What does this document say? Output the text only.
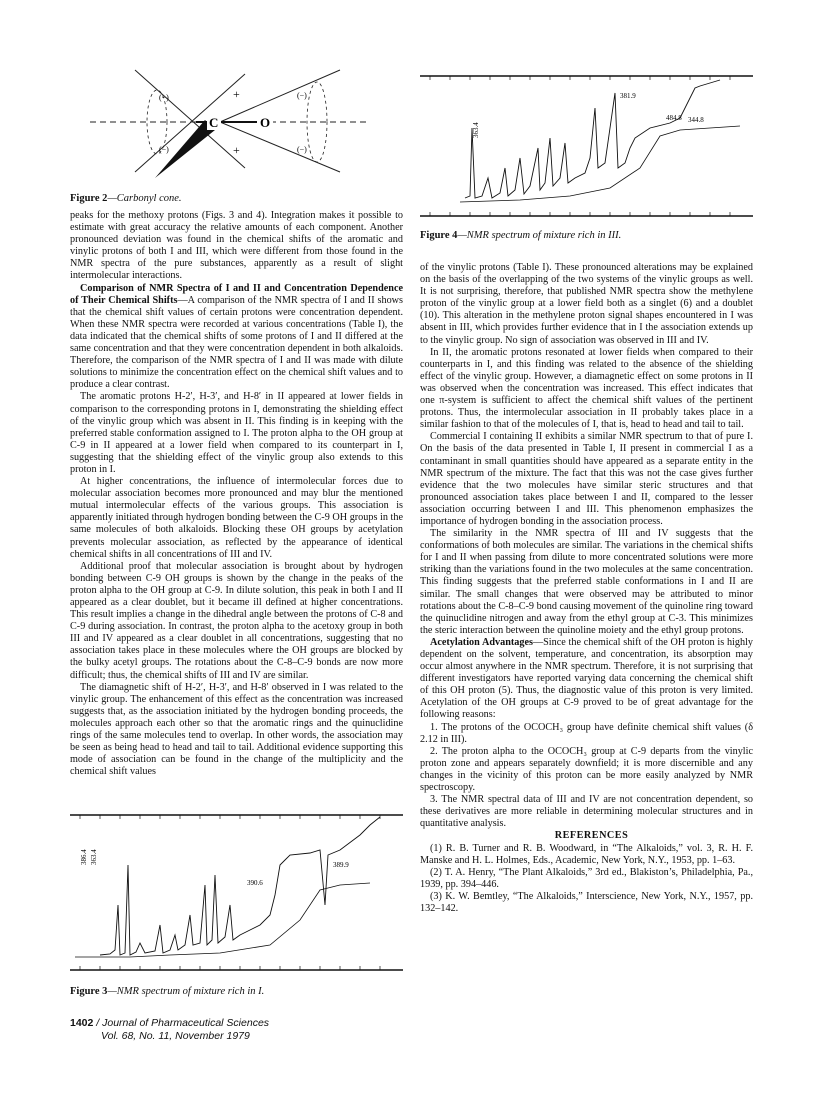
+
+
(−)
(−)
(−)
(−)
C	O
Figure 2—Carbonyl cone.

peaks for the methoxy protons (Figs. 3 and 4). Integration makes it possible to estimate with great accuracy the relative amounts of each component. Another pronounced deviation was found in the chemical shifts of the aromatic and vinylic protons of both I and III, which were different from those found in the NMR spectra of the pure substances, apparently as a result of slight intermolecular interactions.

Comparison of NMR Spectra of I and II and Concentration Dependence of Their Chemical Shifts—A comparison of the NMR spectra of I and II shows that the chemical shift values of certain protons were concentration dependent. When these NMR spectra were recorded at various concentrations (Table I), the data indicated that the chemical shifts of some protons of I and II differed at the same concentration and that they were concentration dependent in both alkaloids. Therefore, the comparison of the NMR spectra of I and II was made with dilute solutions to minimize the concentration effect on the chemical shift values and to produce a clear contrast.

The aromatic protons H-2′, H-3′, and H-8′ in II appeared at lower fields in comparison to the corresponding protons in I, demonstrating the shielding effect of the vinylic group which was absent in II. This finding is in keeping with the preferred stable conformation assigned to I. The proton alpha to the OH group at C-9 in II appeared at a lower field when compared to its counterpart in I, suggesting that the shielding effect of the vinylic group also extends to this proton in I.

At higher concentrations, the influence of intermolecular forces due to molecular association becomes more pronounced and may blur the mentioned mutual intermolecular effects of the various groups. This association is apparently initiated through hydrogen bonding between the C-9 OH groups in the same molecules of both alkaloids. Blocking these OH groups by acetylation prevents molecular association, as reflected by the appearance of identical chemical shifts in all concentrations of III and IV.

Additional proof that molecular association is brought about by hydrogen bonding between C-9 OH groups is shown by the change in the peaks of the proton alpha to the OH group at C-9. In dilute solution, this peak in both I and II appeared as a clear doublet, but it became ill defined at higher concentrations. This result implies a change in the dihedral angle between the protons of C-8 and C-9 during association. In contrast, the proton alpha to the acetoxy group in both III and IV appeared as a clear doublet in all concentrations, suggesting that no association takes place in these molecules where the OH groups are blocked by the bulky acetyl groups. The rotations about the C-8–C-9 bonds are now more difficult; thus, the chemical shifts of III and IV are similar.

The diamagnetic shift of H-2′, H-3′, and H-8′ observed in I was related to the vinylic group. The enhancement of this effect as the concentration was increased suggests that, as the association initiated by the hydrogen bonding proceeds, the molecules approach each other so that the aromatic rings and the quinuclidine rings of the same molecules tend to overlap. In other words, the association may be seen as being head to head and tail to tail. Additional evidence supporting this mode of association can be found in the change of the multiplicity and the chemical shift values

386.4 363.4
390.6
389.9
Figure 3—NMR spectrum of mixture rich in I.
363.4
381.9
484.8 344.8
Figure 4—NMR spectrum of mixture rich in III.

of the vinylic protons (Table I). These pronounced alterations may be explained on the basis of the overlapping of the two systems of the vinylic groups as well. It is not surprising, therefore, that published NMR spectra show the methylene proton of the vinylic group at a lower field both as a singlet (6) and a doublet (10). This alteration in the methylene proton signal shapes encountered in I was absent in III, which provides further evidence that in I the association extends up to the vinylic group. No sign of association was observed in III and IV.

In II, the aromatic protons resonated at lower fields when compared to their counterparts in I, and this finding was related to the absence of the shielding effect of the vinylic group. However, a diamagnetic effect on some protons in II was observed when the concentration was increased. This effect indicates that one π-system is sufficient to affect the chemical shift values of the pertinent protons. Thus, the intermolecular association in II probably takes place in a similar fashion to that of the molecules of I, that is, head to head and tail to tail.

Commercial I containing II exhibits a similar NMR spectrum to that of pure I. On the basis of the data presented in Table I, II present in commercial I as a contaminant in small quantities should have appeared as a separate entity in the NMR spectrum of the mixture. The fact that this was not the case gives further evidence that the two molecules have similar steric structures and that pronounced association takes place between I and II, compared to the lesser association occurring between I and III. This phenomenon emphasizes the importance of hydrogen bonding in the association process.

The similarity in the NMR spectra of III and IV suggests that the conformations of both molecules are similar. The variations in the chemical shifts for I and II when passing from dilute to more concentrated solutions were more striking than the variations found in the two molecules at the same concentration. This finding suggests that the preferred stable conformations in I and II are similar. The small changes that were observed may be attributed to minor rotations about the C-8–C-9 bond causing movement of the quinoline ring toward the quinuclidine nitrogen and away from the ethyl group at C-3. This minimizes the steric interaction between the quinoline moiety and the ethyl group protons.

Acetylation Advantages—Since the chemical shift of the OH proton is highly dependent on the solvent, temperature, and concentration, its absorption may occur almost anywhere in the NMR spectrum. Therefore, it is not surprising that different investigators have reported varying data concerning the chemical shift of this OH proton (5). Thus, the diagnostic value of this proton is very limited. Acetylation of the OH groups at C-9 proved to be of great advantage for the following reasons:

1. The protons of the OCOCH₃ group have definite chemical shift values (δ 2.12 in III).

2. The proton alpha to the OCOCH₃ group at C-9 departs from the vinylic proton zone and appears separately downfield; it is more discernible and any changes in the vicinity of this proton can be more easily analyzed by NMR spectroscopy.

3. The NMR spectral data of III and IV are not concentration dependent, so these derivatives are more reliable in determining molecular structures and in quantitative analysis.

REFERENCES

(1) R. B. Turner and R. B. Woodward, in “The Alkaloids,” vol. 3, R. H. F. Manske and H. L. Holmes, Eds., Academic, New York, N.Y., 1953, pp. 1–63.

(2) T. A. Henry, “The Plant Alkaloids,” 3rd ed., Blakiston’s, Philadelphia, Pa., 1939, pp. 394–446.

(3) K. W. Bemtley, “The Alkaloids,” Interscience, New York, N.Y., 1957, pp. 132–142.

1402 / Journal of Pharmaceutical Sciences
Vol. 68, No. 11, November 1979
